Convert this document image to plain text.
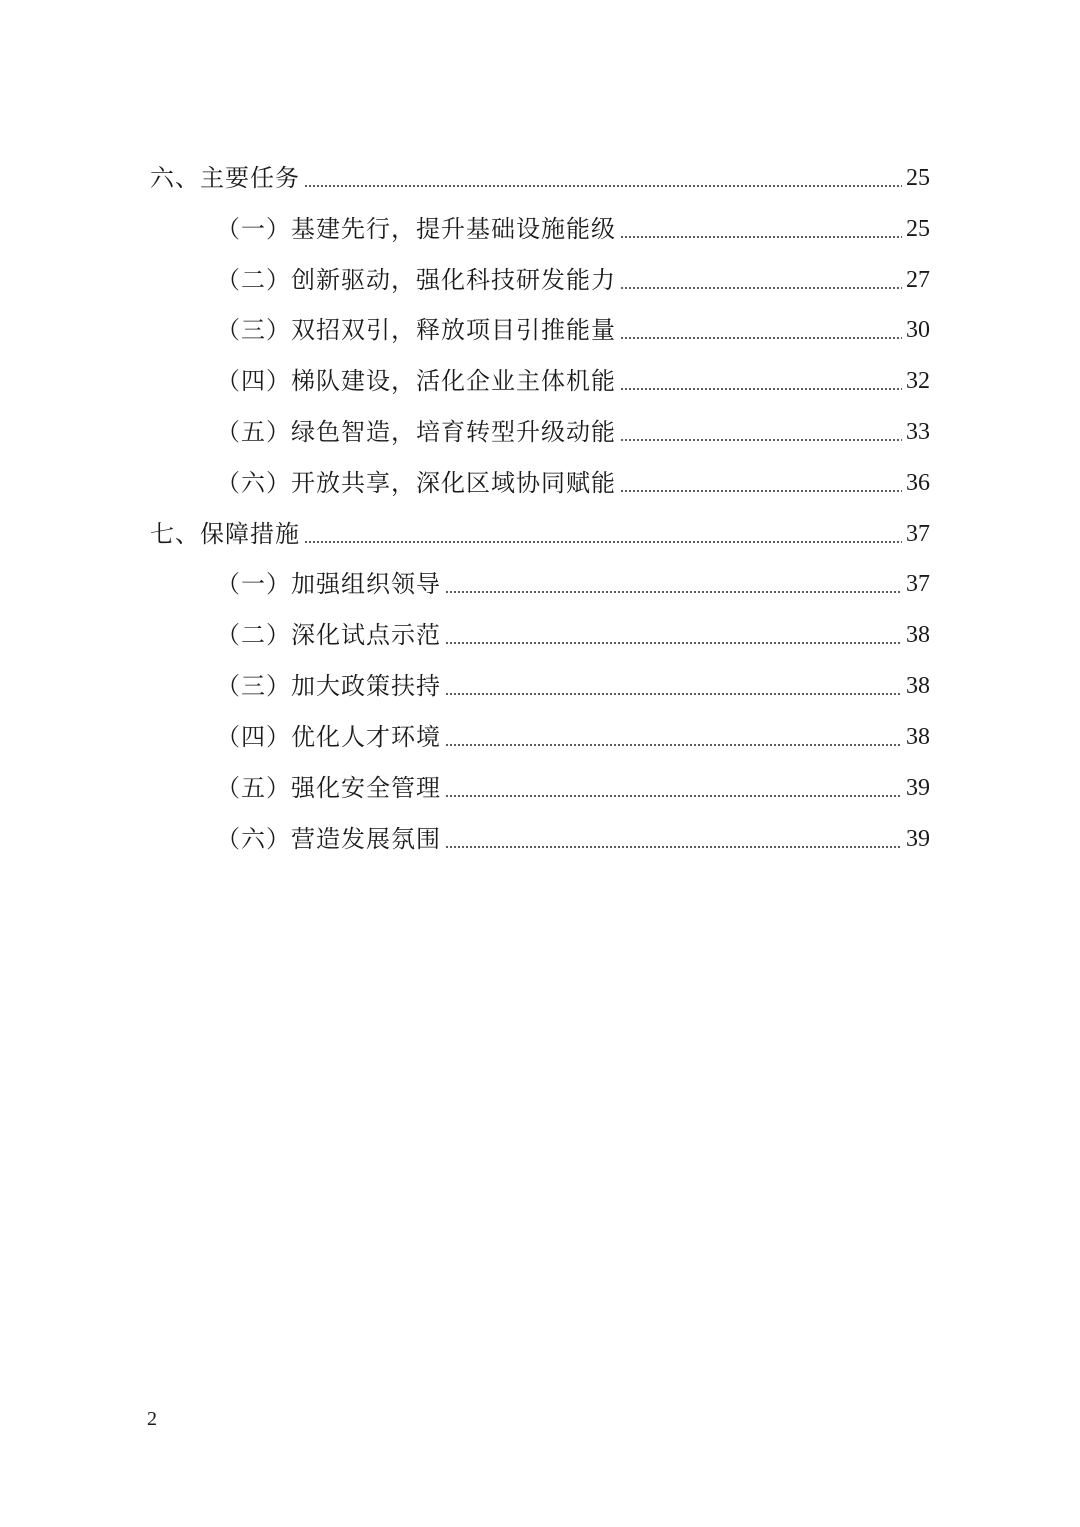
六、主要任务	25
（一）基建先行，提升基础设施能级	25
（二）创新驱动，强化科技研发能力	27
（三）双招双引，释放项目引推能量	30
（四）梯队建设，活化企业主体机能	32
（五）绿色智造，培育转型升级动能	33
（六）开放共享，深化区域协同赋能	36
七、保障措施	37
（一）加强组织领导	37
（二）深化试点示范	38
（三）加大政策扶持	38
（四）优化人才环境	38
（五）强化安全管理	39
（六）营造发展氛围	39
2
